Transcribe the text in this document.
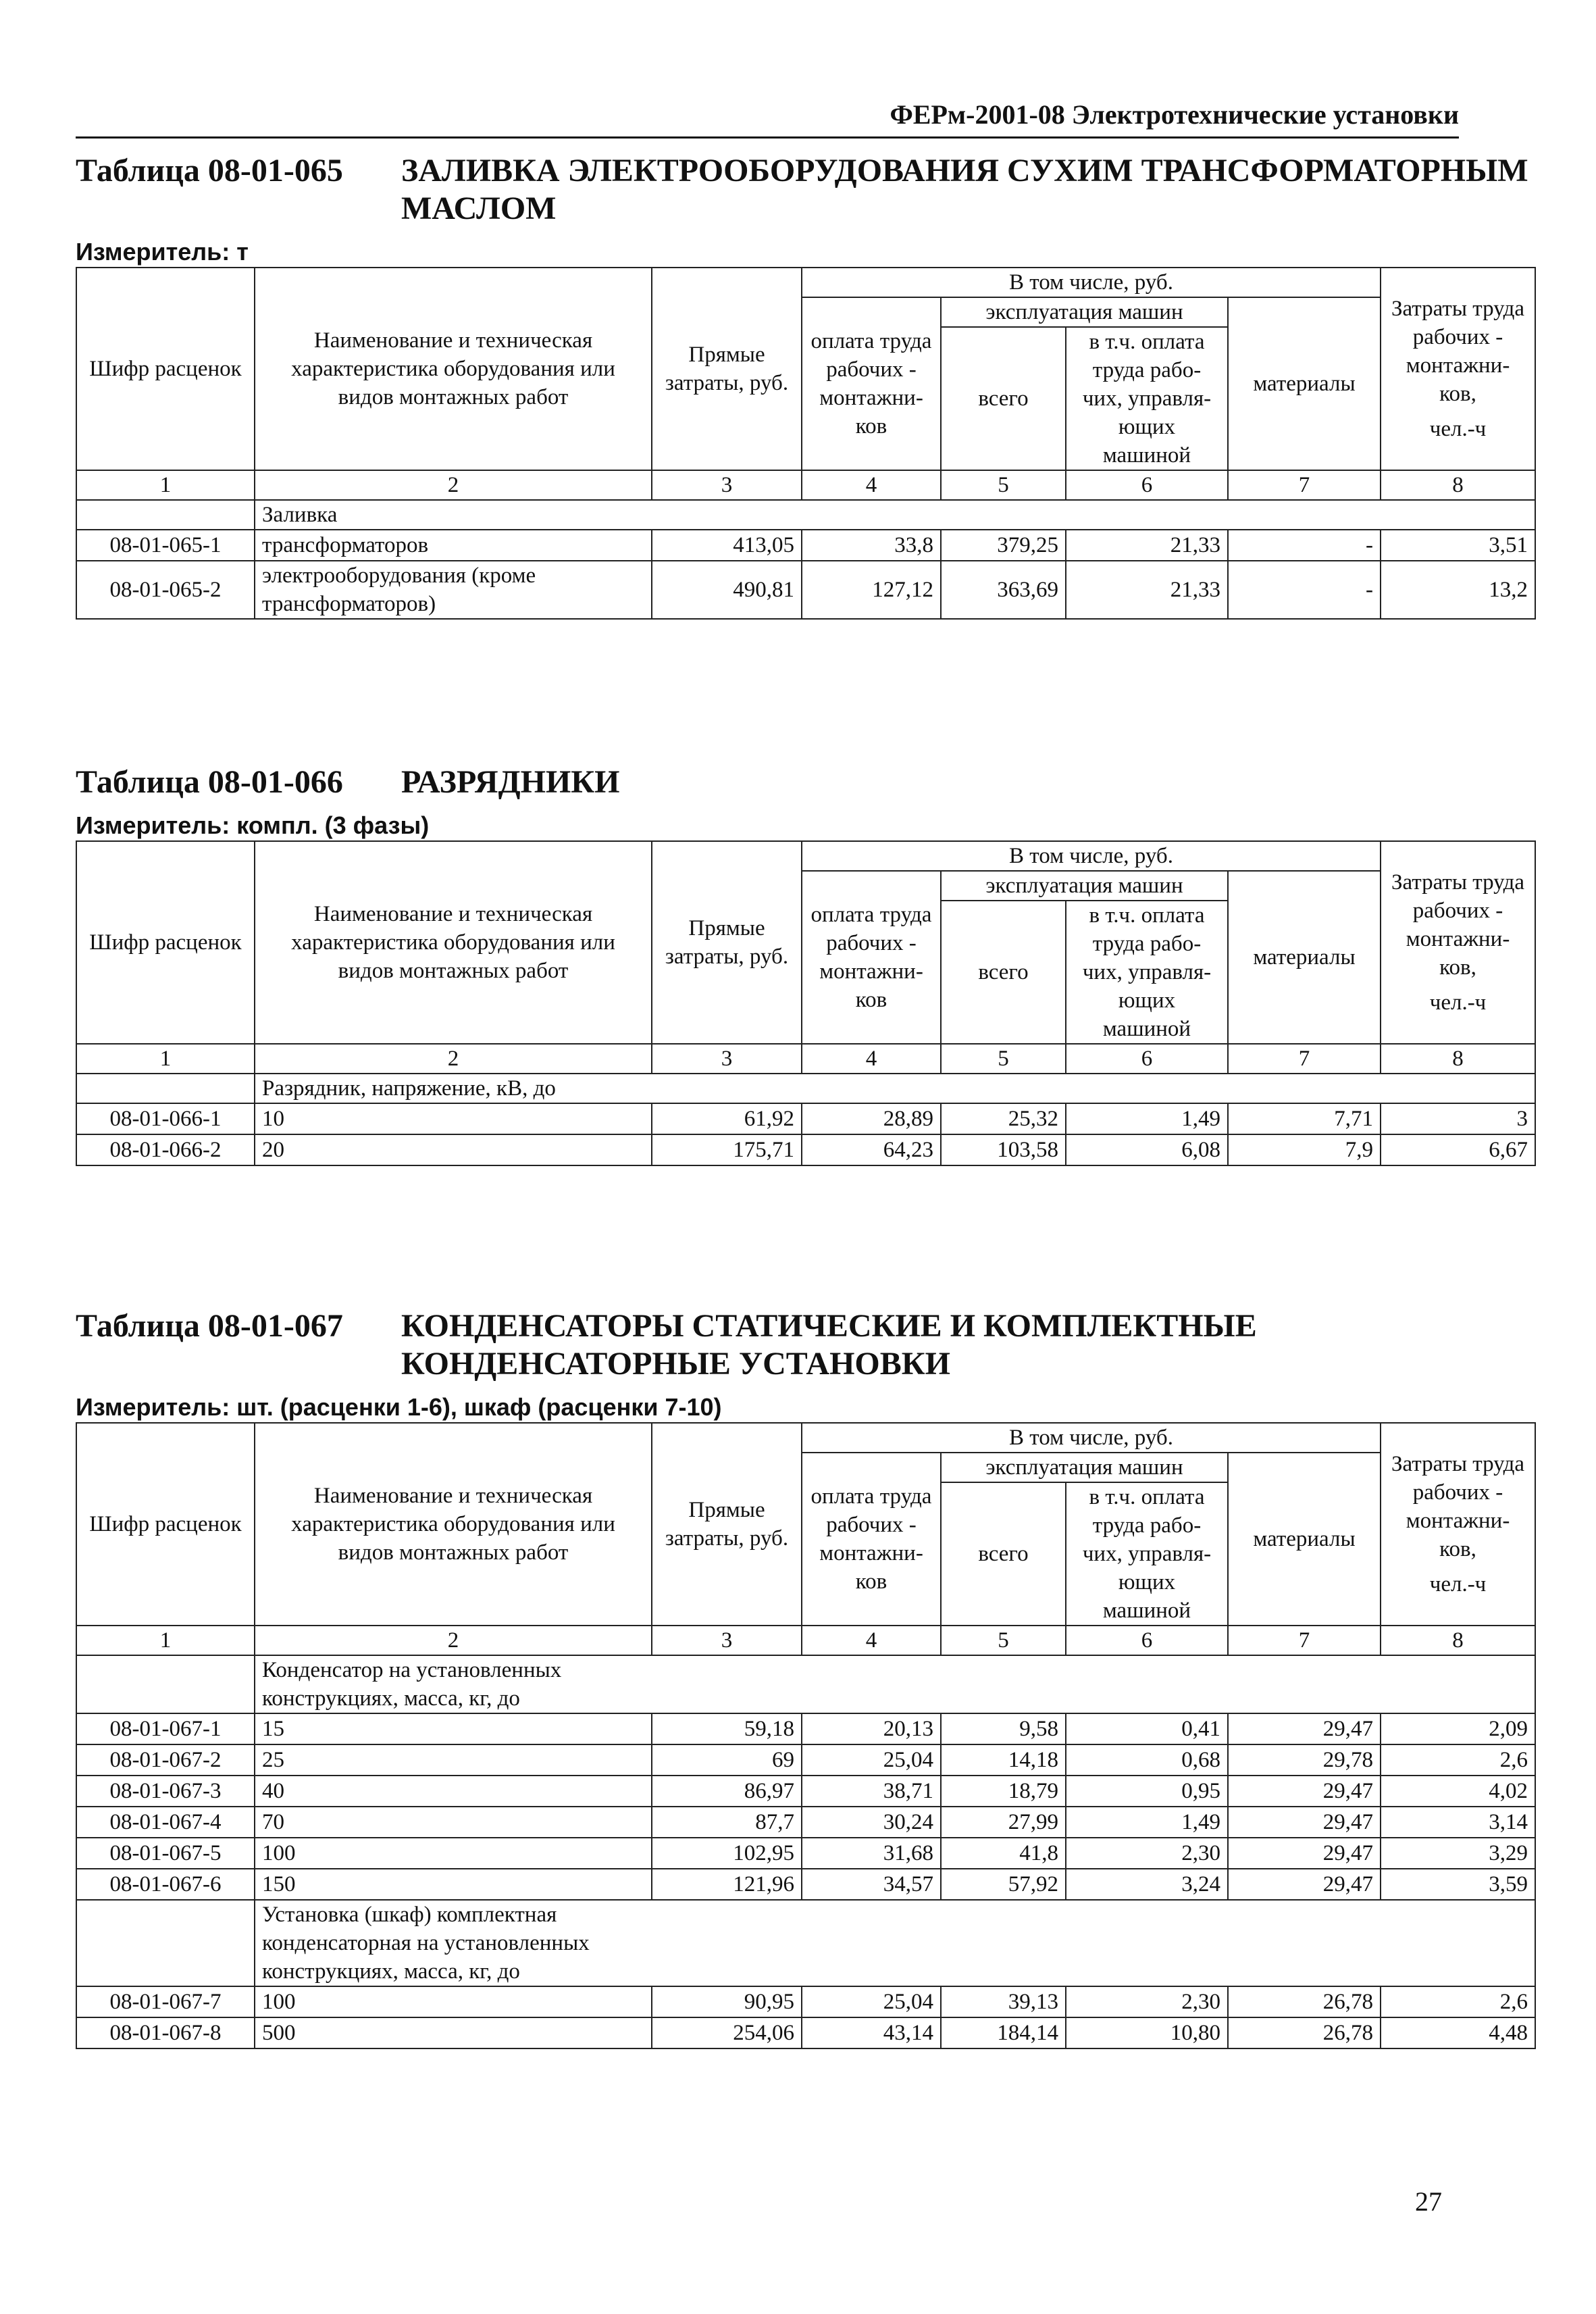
ФЕРм-2001-08 Электротехнические установки
Таблица 08-01-065 ЗАЛИВКА ЭЛЕКТРООБОРУДОВАНИЯ СУХИМ ТРАНСФОРМАТОРНЫМ МАСЛОМ
Измеритель: т
Шифр расценок	Наименование и техническая характеристика оборудования или видов монтажных работ	Прямые затраты, руб.	В том числе, руб.				Затраты труда рабочих - монтажни-ков,
чел.-ч

			оплата труда рабочих - монтажни-ков	эксплуатация машин		материалы	
				всего	в т.ч. оплата труда рабо-чих, управля-ющих машиной		
1	2	3	4	5	6	7	8

	Заливка						

08-01-065-1	трансформаторов	413,05	33,8	379,25	21,33	-	3,51
08-01-065-2	электрооборудования (кроме трансформаторов)	490,81	127,12	363,69	21,33	-	13,2
Таблица 08-01-066 РАЗРЯДНИКИ
Измеритель: компл. (3 фазы)
Шифр расценок	Наименование и техническая характеристика оборудования или видов монтажных работ	Прямые затраты, руб.	В том числе, руб.				Затраты труда рабочих - монтажни-ков,
чел.-ч

			оплата труда рабочих - монтажни-ков	эксплуатация машин		материалы	
				всего	в т.ч. оплата труда рабо-чих, управля-ющих машиной		
1	2	3	4	5	6	7	8

	Разрядник, напряжение, кВ, до						

08-01-066-1	10	61,92	28,89	25,32	1,49	7,71	3
08-01-066-2	20	175,71	64,23	103,58	6,08	7,9	6,67
Таблица 08-01-067 КОНДЕНСАТОРЫ СТАТИЧЕСКИЕ И КОМПЛЕКТНЫЕ КОНДЕНСАТОРНЫЕ УСТАНОВКИ
Измеритель: шт. (расценки 1-6), шкаф (расценки 7-10)
Шифр расценок	Наименование и техническая характеристика оборудования или видов монтажных работ	Прямые затраты, руб.	В том числе, руб.				Затраты труда рабочих - монтажни-ков,
чел.-ч

			оплата труда рабочих - монтажни-ков	эксплуатация машин		материалы	
				всего	в т.ч. оплата труда рабо-чих, управля-ющих машиной		
1	2	3	4	5	6	7	8

	Конденсатор на установленных конструкциях, масса, кг, до						

08-01-067-1	15	59,18	20,13	9,58	0,41	29,47	2,09
08-01-067-2	25	69	25,04	14,18	0,68	29,78	2,6
08-01-067-3	40	86,97	38,71	18,79	0,95	29,47	4,02
08-01-067-4	70	87,7	30,24	27,99	1,49	29,47	3,14
08-01-067-5	100	102,95	31,68	41,8	2,30	29,47	3,29
08-01-067-6	150	121,96	34,57	57,92	3,24	29,47	3,59

	Установка (шкаф) комплектная конденсаторная на установленных конструкциях, масса, кг, до						

08-01-067-7	100	90,95	25,04	39,13	2,30	26,78	2,6
08-01-067-8	500	254,06	43,14	184,14	10,80	26,78	4,48
27
